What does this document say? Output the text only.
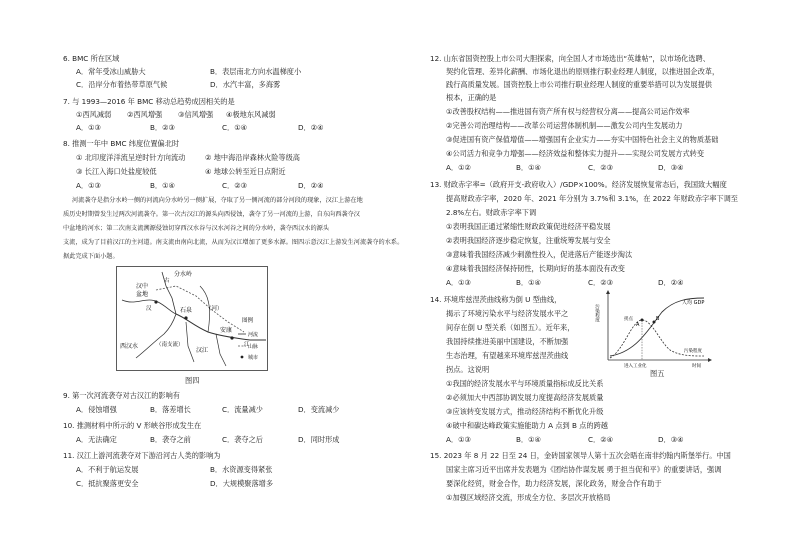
6. BMC 所在区域
A．常年受冰山威胁大	B．表层南北方向水温梯度小
C．沿岸分布着热带草原气候	D．水汽丰富，多海雾
7. 与 1993—2016 年 BMC 移动总趋势成因相关的是
①西风减弱 ②西风增强 ③信风增强 ④极地东风减弱
A．①③	B．②③	C．①④	D．②④
8. 推测一年中 BMC 纬度位置偏北时
① 北印度洋洋流呈逆时针方向流动	② 地中海沿岸森林火险等级高
③ 长江入海口处盐度较低	④ 地球公转至近日点附近
A．①③	B．①④	C．②③	D．②④
河流袭夺是指分水岭一侧的河流向分水岭另一侧扩展，夺取了另一侧河流的部分河段的现象，汉江上游在地
质历史时期曾发生过两次河流袭夺。第一次古汉江的源头向西侵蚀，袭夺了另一河流的上游，自东向西袭夺汉
中盆地的河水；第二次南支流溯源侵蚀切穿西汉水谷与汉水河谷之间的分水岭，袭夺西汉水的源头
支流，成为了目前汉江的主河道。南支流由南向北流，从而为汉江增加了更多水源。图四示意汉江上游发生河流袭夺的水系。
据此完成下面小题。
分水岭
汉中
盆地
石泉
安康
西汉水
汉江
（南支流）
古
汉
江
（河）
图例
河流
山脉
城市
图四
9. 第一次河流袭夺对古汉江的影响有
A．侵蚀增强	B．落差增长	C．流量减少	D．变流减少
10. 推测材料中所示的 V 形峡谷形成发生在
A．无法确定	B．袭夺之前	C．袭夺之后	D．同时形成
11. 汉江上游河流袭夺对下游沿河古人类的影响为
A．不利于航运发展	B．水资源变得紧张
C．抵抗聚落更安全	D．大规模聚落增多
12. 山东省国资控股上市公司大胆探索，向全国人才市场选出“英雄帖”，以市场化选聘、
契约化管理、差异化薪酬、市场化退出的原则推行职业经理人制度，以推进国企改革，
践行高质量发展。国资控股上市公司推行职业经理人制度的重要举措可以为发展提供
根本，正确的是
①改善股权结构——推进国有资产所有权与经营权分离——提高公司运作效率
②完善公司治理结构——改革公司运营体制机制——激发公司内生发展动力
③促进国有资产保值增值——增强国有企业实力——夯实中国特色社会主义的物质基础
④公司活力和竞争力增强——经济效益和整体实力提升——实现公司发展方式转变
A．①②	B．①④	C．②③	D．③④
13. 财政赤字率=（政府开支-政府收入）/GDP×100%。经济发展恢复常态后，我国致大幅度
提高财政赤字率，2020 年、2021 年分别为 3.7%和 3.1%，在 2022 年财政赤字率下调至
2.8%左右。财政赤字率下调
①表明我国正通过紧缩性财政政策促进经济平稳发展
②表明我国经济逐步稳定恢复，注重统筹发展与安全
③意味着我国经济减少刺激性投入，促进落后产能逐步淘汰
④意味着我国经济保持韧性，长期向好的基本面没有改变
A．①③	B．①④	C．②③	D．②④
14. 环境库兹涅茨曲线称为倒 U 型曲线，
揭示了环境污染水平与经济发展水平之
间存在倒 U 型关系（如图五）。近年来，
我国持续推进美丽中国建设，不断加强
生态治理，有望越来环境库兹涅茨曲线
拐点。这说明
①我国的经济发展水平与环境质量指标成反比关系
②必须加大中西部协调发展力度提高经济发展质量
③应该转变发展方式，推动经济结构不断优化升级
④破中和碳达峰政策实施能助力 A 点到 B 点的跨越
A．①③	B．①④	C．②④	D．③④
污染程度
人均 GDP
污染程度
A
B
拐点
进入工业化	时间
图五
15. 2023 年 8 月 22 日至 24 日，金砖国家领导人第十五次会晤在南非约翰内斯堡举行。中国
国家主席习近平出席并发表题为《团结协作谋发展 勇于担当促和平》的重要讲话，强调
要深化经贸，财金合作，助力经济发展，深化政务，财金合作有助于
①加强区域经济交流，形成全方位、多层次开放格局
